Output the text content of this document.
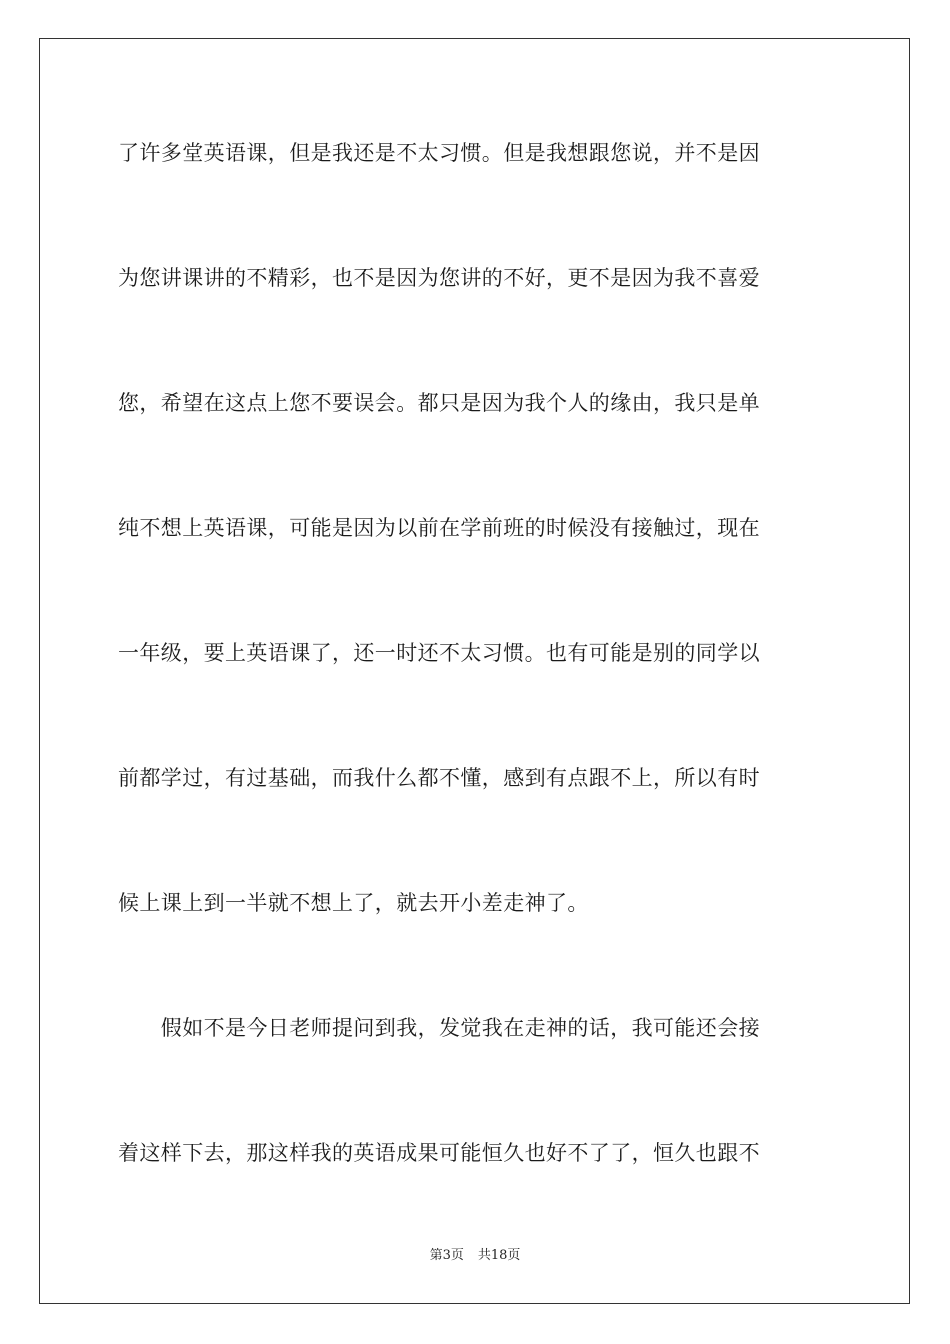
了许多堂英语课，但是我还是不太习惯。但是我想跟您说，并不是因
为您讲课讲的不精彩，也不是因为您讲的不好，更不是因为我不喜爱
您，希望在这点上您不要误会。都只是因为我个人的缘由，我只是单
纯不想上英语课，可能是因为以前在学前班的时候没有接触过，现在
一年级，要上英语课了，还一时还不太习惯。也有可能是别的同学以
前都学过，有过基础，而我什么都不懂，感到有点跟不上，所以有时
候上课上到一半就不想上了，就去开小差走神了。
　　假如不是今日老师提问到我，发觉我在走神的话，我可能还会接
着这样下去，那这样我的英语成果可能恒久也好不了了，恒久也跟不
第3页 共18页
